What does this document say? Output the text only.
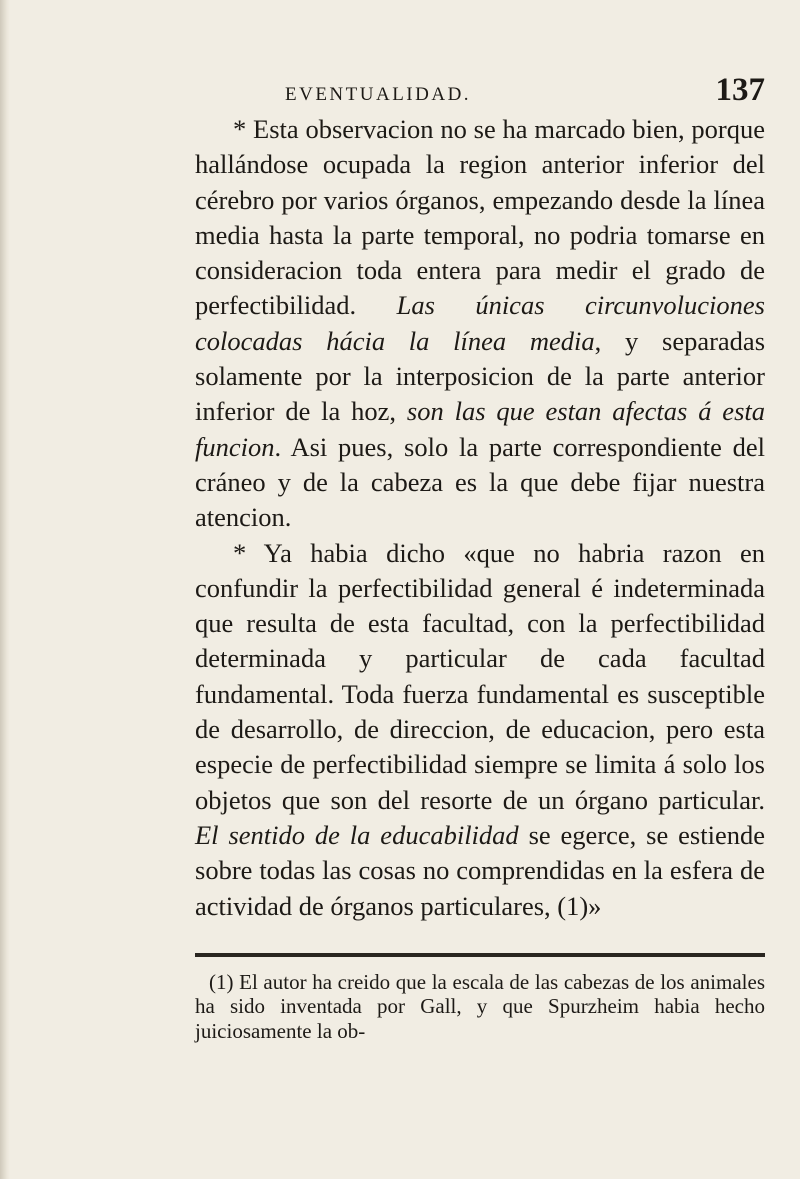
EVENTUALIDAD.	137

* Esta observacion no se ha marcado bien, porque hallándose ocupada la region anterior inferior del cérebro por varios órganos, empezando desde la línea media hasta la parte temporal, no podria tomarse en consideracion toda entera para medir el grado de perfectibilidad. Las únicas circunvoluciones colocadas hácia la línea media, y separadas solamente por la interposicion de la parte anterior inferior de la hoz, son las que estan afectas á esta funcion. Asi pues, solo la parte correspondiente del cráneo y de la cabeza es la que debe fijar nuestra atencion.

* Ya habia dicho «que no habria razon en confundir la perfectibilidad general é indeterminada que resulta de esta facultad, con la perfectibilidad determinada y particular de cada facultad fundamental. Toda fuerza fundamental es susceptible de desarrollo, de direccion, de educacion, pero esta especie de perfectibilidad siempre se limita á solo los objetos que son del resorte de un órgano particular. El sentido de la educabilidad se egerce, se estiende sobre todas las cosas no comprendidas en la esfera de actividad de órganos particulares, (1)»

(1) El autor ha creido que la escala de las cabezas de los animales ha sido inventada por Gall, y que Spurzheim habia hecho juiciosamente la ob-
